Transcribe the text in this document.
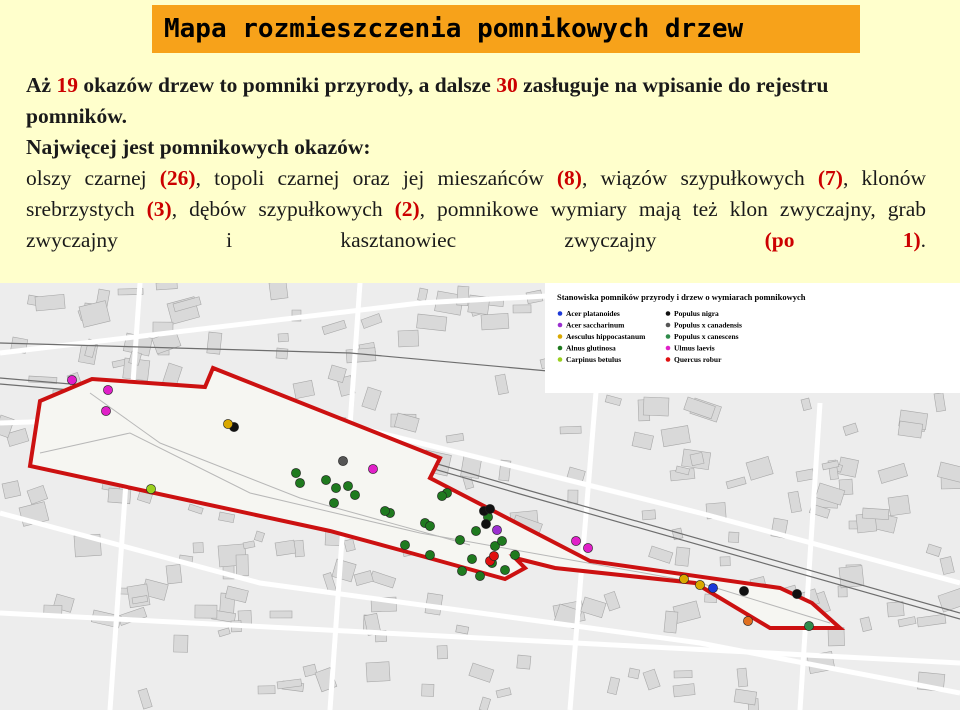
Mapa rozmieszczenia pomnikowych drzew

Aż 19 okazów drzew to pomniki przyrody, a dalsze 30 zasługuje na wpisanie do rejestru pomników.

Najwięcej jest pomnikowych okazów:

olszy czarnej (26), topoli czarnej oraz jej mieszańców (8), wiązów szypułkowych (7), klonów srebrzystych (3), dębów szypułkowych (2), pomnikowe wymiary mają też klon zwyczajny, grab zwyczajny i kasztanowiec zwyczajny (po 1).

Stanowiska pomników przyrody i drzew o wymiarach pomnikowych
Acer platanoides
Acer saccharinum
Aesculus hippocastanum
Alnus glutinosa
Carpinus betulus
Populus nigra
Populus x canadensis
Populus x canescens
Ulmus laevis
Quercus robur
